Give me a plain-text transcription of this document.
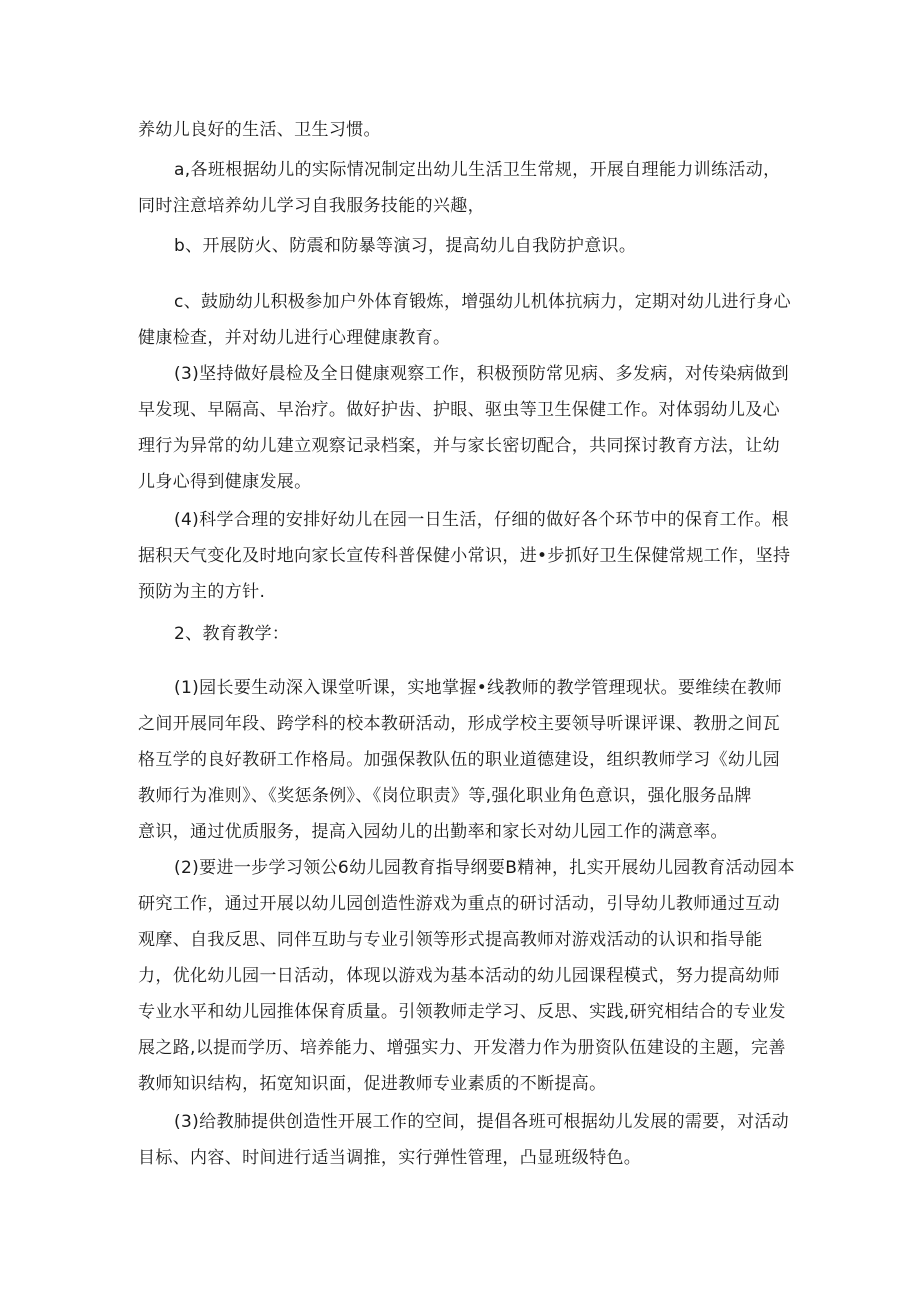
养幼儿良好的生活、卫生习惯。
a,各班根据幼儿的实际情况制定出幼儿生活卫生常规，开展自理能力训练活动，
同时注意培养幼儿学习自我服务技能的兴趣，
b、开展防火、防震和防暴等演习，提高幼儿自我防护意识。
c、鼓励幼儿积极参加户外体育锻炼，增强幼儿机体抗病力，定期对幼儿进行身心
健康检查，并对幼儿进行心理健康教育。
(3)坚持做好晨检及全日健康观察工作，积极预防常见病、多发病，对传染病做到
早发现、早隔高、早治疗。做好护齿、护眼、驱虫等卫生保健工作。对体弱幼儿及心
理行为异常的幼儿建立观察记录档案，并与家长密切配合，共同探讨教育方法，让幼
儿身心得到健康发展。
(4)科学合理的安排好幼儿在园一日生活，仔细的做好各个环节中的保育工作。根
据积天气变化及时地向家长宣传科普保健小常识，进•步抓好卫生保健常规工作，坚持
预防为主的方针.
2、教育教学：
(1)园长要生动深入课堂听课，实地掌握•线教师的教学管理现状。要维续在教师
之间开展同年段、跨学科的校本教研活动，形成学校主要领导听课评课、教册之间瓦
格互学的良好教研工作格局。加强保教队伍的职业道德建设，组织教师学习《幼儿园
教师行为准则》、《奖惩条例》、《岗位职责》等,强化职业角色意识，强化服务品牌
意识，通过优质服务，提高入园幼儿的出勤率和家长对幼儿园工作的满意率。
(2)要进一步学习领公6幼儿园教育指导纲要B精神，扎实开展幼儿园教育活动园本
研究工作，通过开展以幼儿园创造性游戏为重点的研讨活动，引导幼儿教师通过互动
观摩、自我反思、同伴互助与专业引领等形式提高教师对游戏活动的认识和指导能
力，优化幼儿园一日活动，体现以游戏为基本活动的幼儿园课程模式，努力提高幼师
专业水平和幼儿园推体保育质量。引领教师走学习、反思、实践,研究相结合的专业发
展之路,以提而学历、培养能力、增强实力、开发潜力作为册资队伍建设的主题，完善
教师知识结构，拓宽知识面，促进教师专业素质的不断提高。
(3)给教肺提供创造性开展工作的空间，提倡各班可根据幼儿发展的需要，对活动
目标、内容、时间进行适当调推，实行弹性管理，凸显班级特色。
